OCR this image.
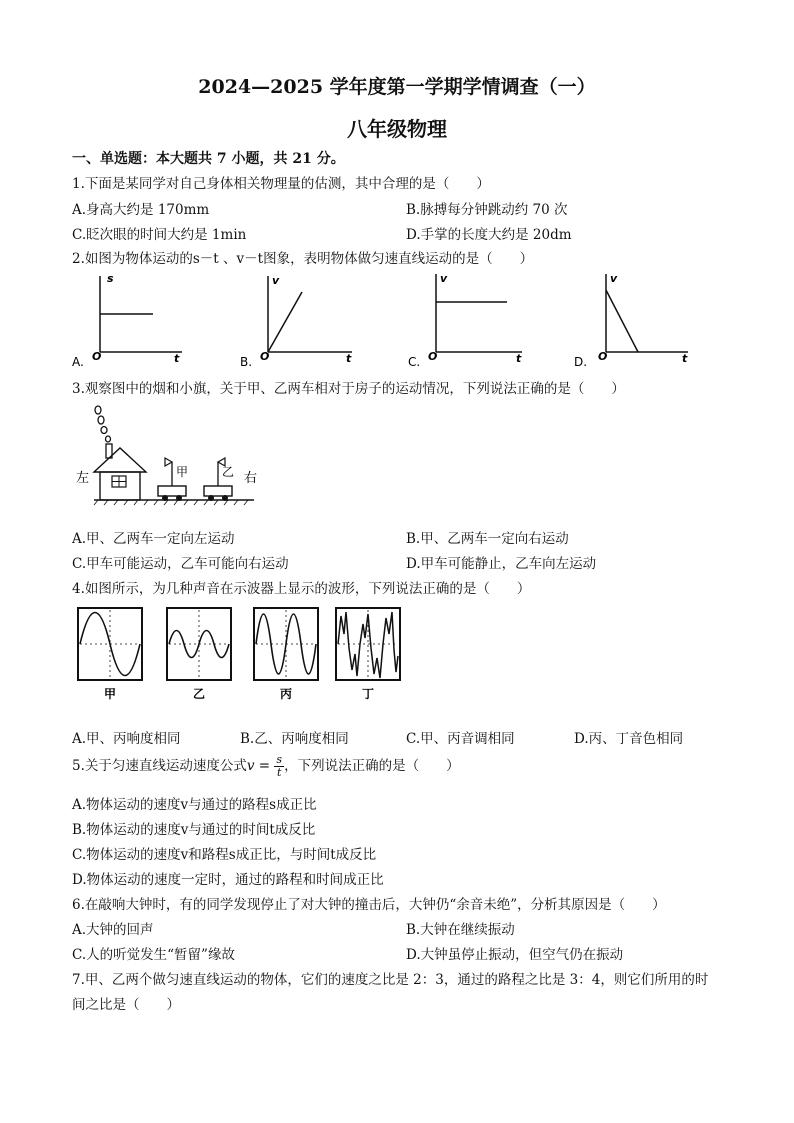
2024—2025 学年度第一学期学情调查（一）
八年级物理
一、单选题：本大题共 7 小题，共 21 分。
1.下面是某同学对自己身体相关物理量的估测，其中合理的是（　　）
A.身高大约是 170mm	B.脉搏每分钟跳动约 70 次
C.眨次眼的时间大约是 1min	D.手掌的长度大约是 20dm
2.如图为物体运动的s－t 、v－t图象，表明物体做匀速直线运动的是（　　）
A.
s
O	t	B.
v
O	t	C.
v
O	t	D.
v
O	t
3.观察图中的烟和小旗，关于甲、乙两车相对于房子的运动情况，下列说法正确的是（　　）
甲	乙
左	右
A.甲、乙两车一定向左运动	B.甲、乙两车一定向右运动
C.甲车可能运动，乙车可能向右运动	D.甲车可能静止，乙车向左运动
4.如图所示，为几种声音在示波器上显示的波形，下列说法正确的是（　　）
甲	乙	丙	丁
A.甲、丙响度相同	B.乙、丙响度相同	C.甲、丙音调相同	D.丙、丁音色相同
5.关于匀速直线运动速度公式$v = \frac{s}{t}$ ，下列说法正确的是（　　）
A.物体运动的速度v与通过的路程s成正比
B.物体运动的速度v与通过的时间t成反比
C.物体运动的速度v和路程s成正比，与时间t成反比
D.物体运动的速度一定时，通过的路程和时间成正比
6.在敲响大钟时，有的同学发现停止了对大钟的撞击后，大钟仍“余音未绝”，分析其原因是（　　）
A.大钟的回声	B.大钟在继续振动
C.人的听觉发生“暂留”缘故	D.大钟虽停止振动，但空气仍在振动
7.甲、乙两个做匀速直线运动的物体，它们的速度之比是 2：3，通过的路程之比是 3：4，则它们所用的时
间之比是（　　）
